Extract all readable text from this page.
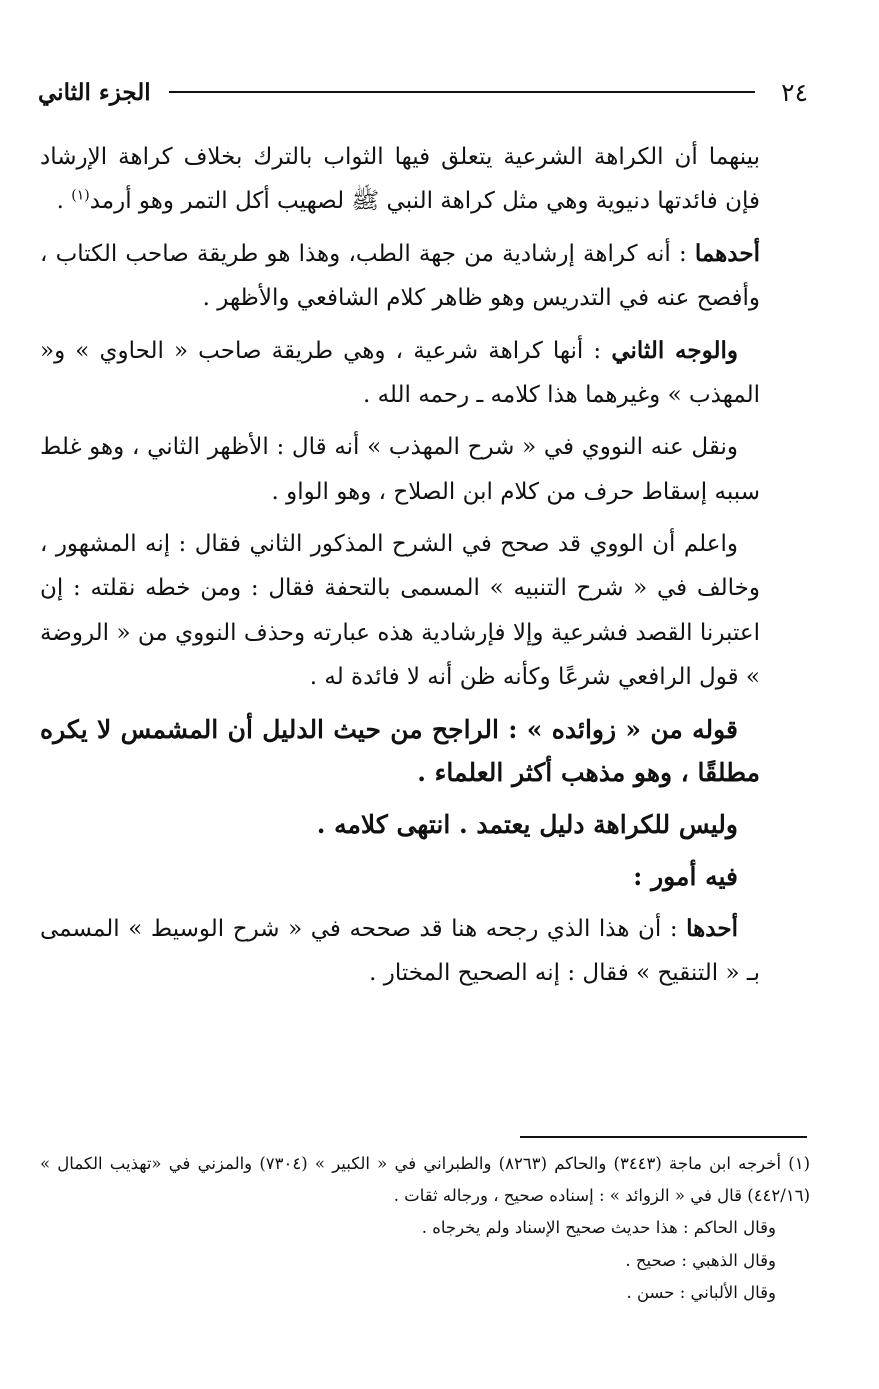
٢٤
الجزء الثاني

بينهما أن الكراهة الشرعية يتعلق فيها الثواب بالترك بخلاف كراهة الإرشاد فإن فائدتها دنيوية وهي مثل كراهة النبي ﷺ لصهيب أكل التمر وهو أرمد$^{(١)}$ .

أحدهما : أنه كراهة إرشادية من جهة الطب، وهذا هو طريقة صاحب الكتاب ، وأفصح عنه في التدريس وهو ظاهر كلام الشافعي والأظهر .

والوجه الثاني : أنها كراهة شرعية ، وهي طريقة صاحب « الحاوي » و« المهذب » وغيرهما هذا كلامه ـ رحمه الله .

ونقل عنه النووي في « شرح المهذب » أنه قال : الأظهر الثاني ، وهو غلط سببه إسقاط حرف من كلام ابن الصلاح ، وهو الواو .

واعلم أن الووي قد صحح في الشرح المذكور الثاني فقال : إنه المشهور ، وخالف في « شرح التنبيه » المسمى بالتحفة فقال : ومن خطه نقلته : إن اعتبرنا القصد فشرعية وإلا فإرشادية هذه عبارته وحذف النووي من « الروضة » قول الرافعي شرعًا وكأنه ظن أنه لا فائدة له .

قوله من « زوائده » : الراجح من حيث الدليل أن المشمس لا يكره مطلقًا ، وهو مذهب أكثر العلماء .

وليس للكراهة دليل يعتمد . انتهى كلامه .

فيه أمور :

أحدها : أن هذا الذي رجحه هنا قد صححه في « شرح الوسيط » المسمى بـ « التنقيح » فقال : إنه الصحيح المختار .

(١) أخرجه ابن ماجة (٣٤٤٣) والحاكم (٨٢٦٣) والطبراني في « الكبير » (٧٣٠٤) والمزني في «تهذيب الكمال » (٤٤٢/١٦) قال في « الزوائد » : إسناده صحيح ، ورجاله ثقات .

وقال الحاكم : هذا حديث صحيح الإسناد ولم يخرجاه .

وقال الذهبي : صحيح .

وقال الألباني : حسن .
